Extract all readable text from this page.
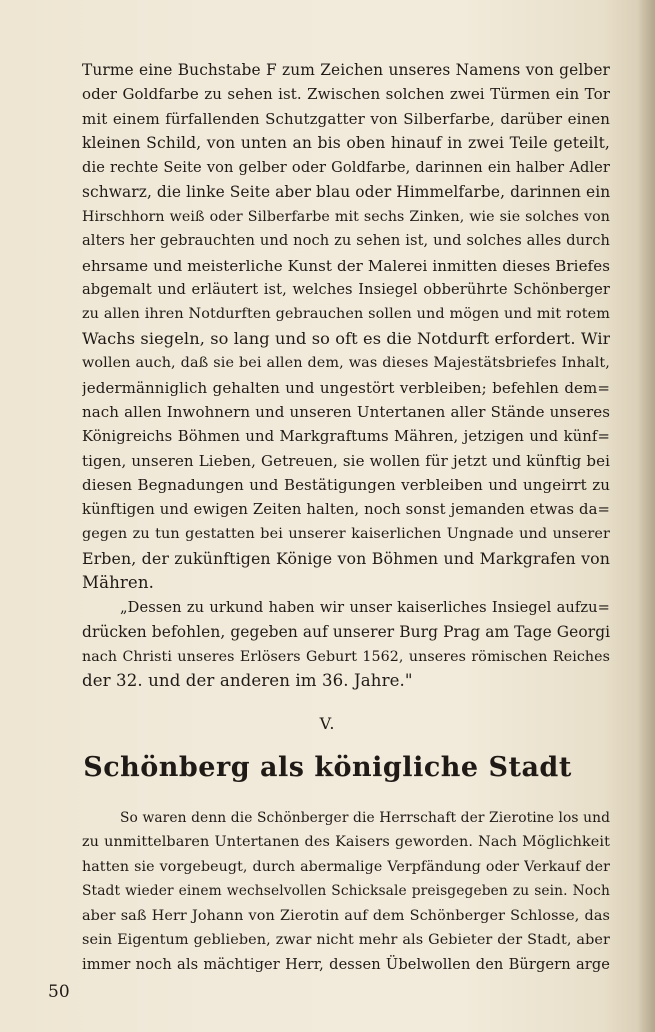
Turme eine Buchstabe F zum Zeichen unseres Namens von gelber
oder Goldfarbe zu sehen ist. Zwischen solchen zwei Türmen ein Tor
mit einem fürfallenden Schutzgatter von Silberfarbe, darüber einen
kleinen Schild, von unten an bis oben hinauf in zwei Teile geteilt,
die rechte Seite von gelber oder Goldfarbe, darinnen ein halber Adler
schwarz, die linke Seite aber blau oder Himmelfarbe, darinnen ein
Hirschhorn weiß oder Silberfarbe mit sechs Zinken, wie sie solches von
alters her gebrauchten und noch zu sehen ist, und solches alles durch
ehrsame und meisterliche Kunst der Malerei inmitten dieses Briefes
abgemalt und erläutert ist, welches Insiegel obberührte Schönberger
zu allen ihren Notdurften gebrauchen sollen und mögen und mit rotem
Wachs siegeln, so lang und so oft es die Notdurft erfordert. Wir
wollen auch, daß sie bei allen dem, was dieses Majestätsbriefes Inhalt,
jedermänniglich gehalten und ungestört verbleiben; befehlen dem=
nach allen Inwohnern und unseren Untertanen aller Stände unseres
Königreichs Böhmen und Markgraftums Mähren, jetzigen und künf=
tigen, unseren Lieben, Getreuen, sie wollen für jetzt und künftig bei
diesen Begnadungen und Bestätigungen verbleiben und ungeirrt zu
künftigen und ewigen Zeiten halten, noch sonst jemanden etwas da=
gegen zu tun gestatten bei unserer kaiserlichen Ungnade und unserer
Erben, der zukünftigen Könige von Böhmen und Markgrafen von
Mähren.
„Dessen zu urkund haben wir unser kaiserliches Insiegel aufzu=
drücken befohlen, gegeben auf unserer Burg Prag am Tage Georgi
nach Christi unseres Erlösers Geburt 1562, unseres römischen Reiches
der 32. und der anderen im 36. Jahre."
V.
Schönberg als königliche Stadt
So waren denn die Schönberger die Herrschaft der Zierotine los und
zu unmittelbaren Untertanen des Kaisers geworden. Nach Möglichkeit
hatten sie vorgebeugt, durch abermalige Verpfändung oder Verkauf der
Stadt wieder einem wechselvollen Schicksale preisgegeben zu sein. Noch
aber saß Herr Johann von Zierotin auf dem Schönberger Schlosse, das
sein Eigentum geblieben, zwar nicht mehr als Gebieter der Stadt, aber
immer noch als mächtiger Herr, dessen Übelwollen den Bürgern arge
50
